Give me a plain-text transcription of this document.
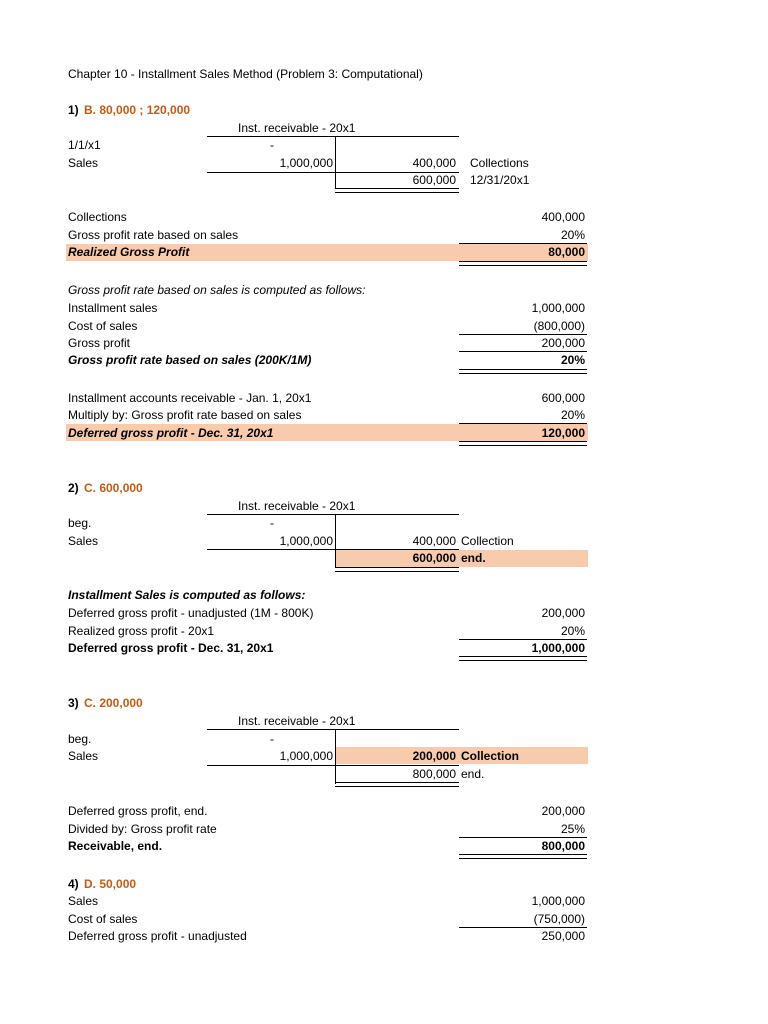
Chapter 10 - Installment Sales Method (Problem 3: Computational)
1) B. 80,000 ; 120,000
Inst. receivable - 20x1
1/1/x1	-
Sales	1,000,000	400,000 Collections
600,000 12/31/20x1
Collections	400,000
Gross profit rate based on sales	20%
Realized Gross Profit	80,000
Gross profit rate based on sales is computed as follows:
Installment sales	1,000,000
Cost of sales	(800,000)
Gross profit	200,000
Gross profit rate based on sales (200K/1M)	20%
Installment accounts receivable - Jan. 1, 20x1	600,000
Multiply by: Gross profit rate based on sales	20%
Deferred gross profit - Dec. 31, 20x1	120,000
2) C. 600,000
Inst. receivable - 20x1
beg.	-
Sales	1,000,000	400,000 Collection
600,000 end.
Installment Sales is computed as follows:
Deferred gross profit - unadjusted (1M - 800K)	200,000
Realized gross profit - 20x1	20%
Deferred gross profit - Dec. 31, 20x1	1,000,000
3) C. 200,000
Inst. receivable - 20x1
beg.	-
Sales	1,000,000	200,000 Collection
800,000 end.
Deferred gross profit, end.	200,000
Divided by: Gross profit rate	25%
Receivable, end.	800,000
4) D. 50,000
Sales	1,000,000
Cost of sales	(750,000)
Deferred gross profit - unadjusted	250,000
